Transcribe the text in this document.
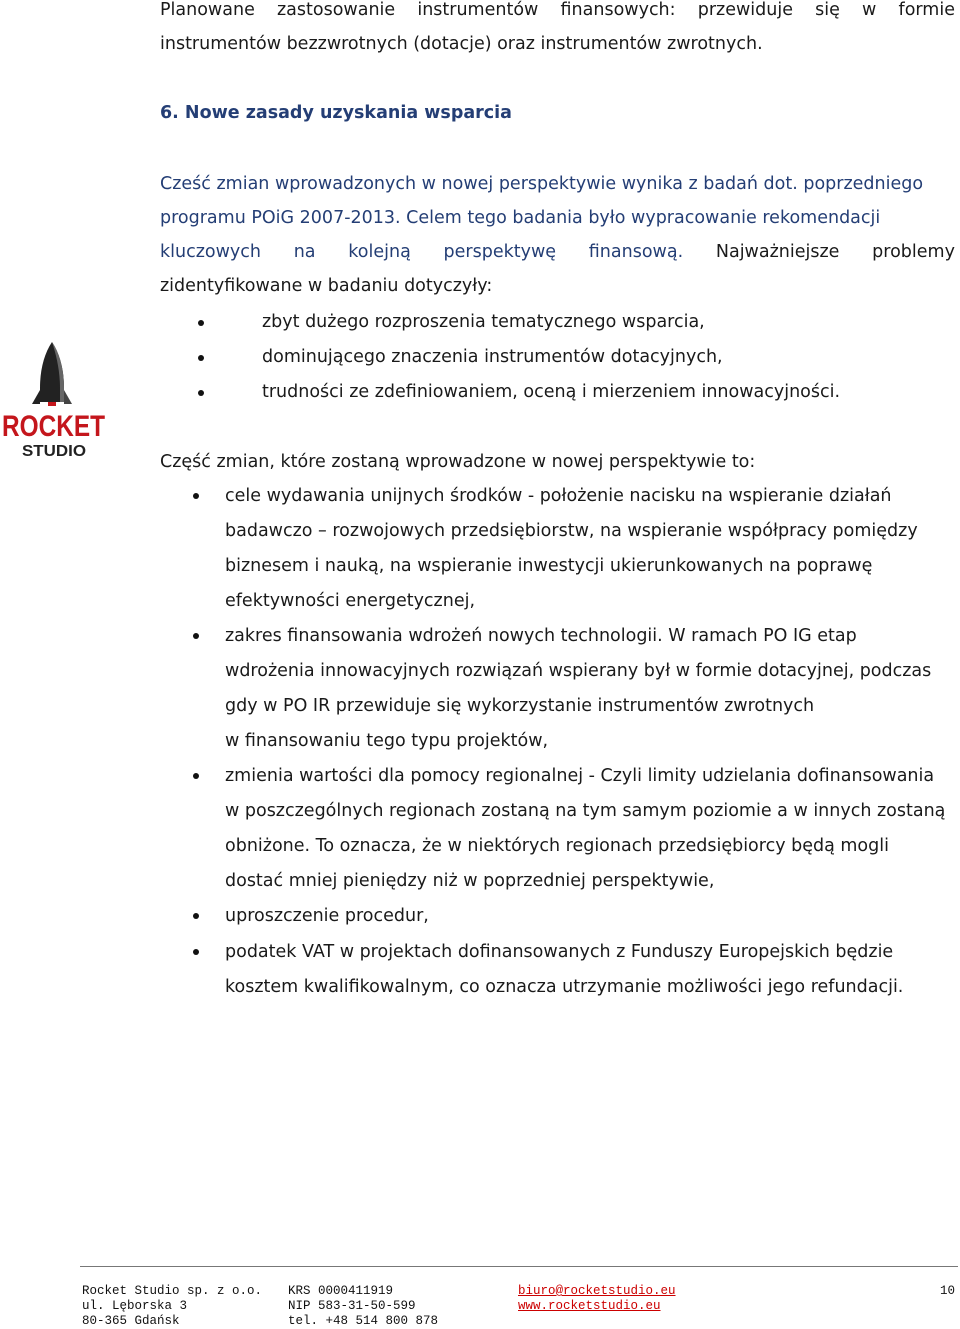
Planowane zastosowanie instrumentów finansowych: przewiduje się w formie
instrumentów bezzwrotnych (dotacje) oraz instrumentów zwrotnych.
6. Nowe zasady uzyskania wsparcia
Cześć zmian wprowadzonych w nowej perspektywie wynika z badań dot. poprzedniego
programu POiG 2007-2013. Celem tego badania było wypracowanie rekomendacji
kluczowych na kolejną perspektywę finansową. Najważniejsze problemy
zidentyfikowane w badaniu dotyczyły:
zbyt dużego rozproszenia tematycznego wsparcia,
dominującego znaczenia instrumentów dotacyjnych,
trudności ze zdefiniowaniem, oceną i mierzeniem innowacyjności.
ROCKET
STUDIO
Część zmian, które zostaną wprowadzone w nowej perspektywie to:
cele wydawania unijnych środków - położenie nacisku na wspieranie działań
badawczo – rozwojowych przedsiębiorstw, na wspieranie współpracy pomiędzy
biznesem i nauką, na wspieranie inwestycji ukierunkowanych na poprawę
efektywności energetycznej,
zakres finansowania wdrożeń nowych technologii. W ramach PO IG etap
wdrożenia innowacyjnych rozwiązań wspierany był w formie dotacyjnej, podczas
gdy w PO IR przewiduje się wykorzystanie instrumentów zwrotnych
w finansowaniu tego typu projektów,
zmienia wartości dla pomocy regionalnej - Czyli limity udzielania dofinansowania
w poszczególnych regionach zostaną na tym samym poziomie a w innych zostaną
obniżone. To oznacza, że w niektórych regionach przedsiębiorcy będą mogli
dostać mniej pieniędzy niż w poprzedniej perspektywie,
uproszczenie procedur,
podatek VAT w projektach dofinansowanych z Funduszy Europejskich będzie
kosztem kwalifikowalnym, co oznacza utrzymanie możliwości jego refundacji.
Rocket Studio sp. z o.o.
ul. Lęborska 3
80-365 Gdańsk
KRS 0000411919
NIP 583-31-50-599
tel. +48 514 800 878
biuro@rocketstudio.eu
www.rocketstudio.eu
10
